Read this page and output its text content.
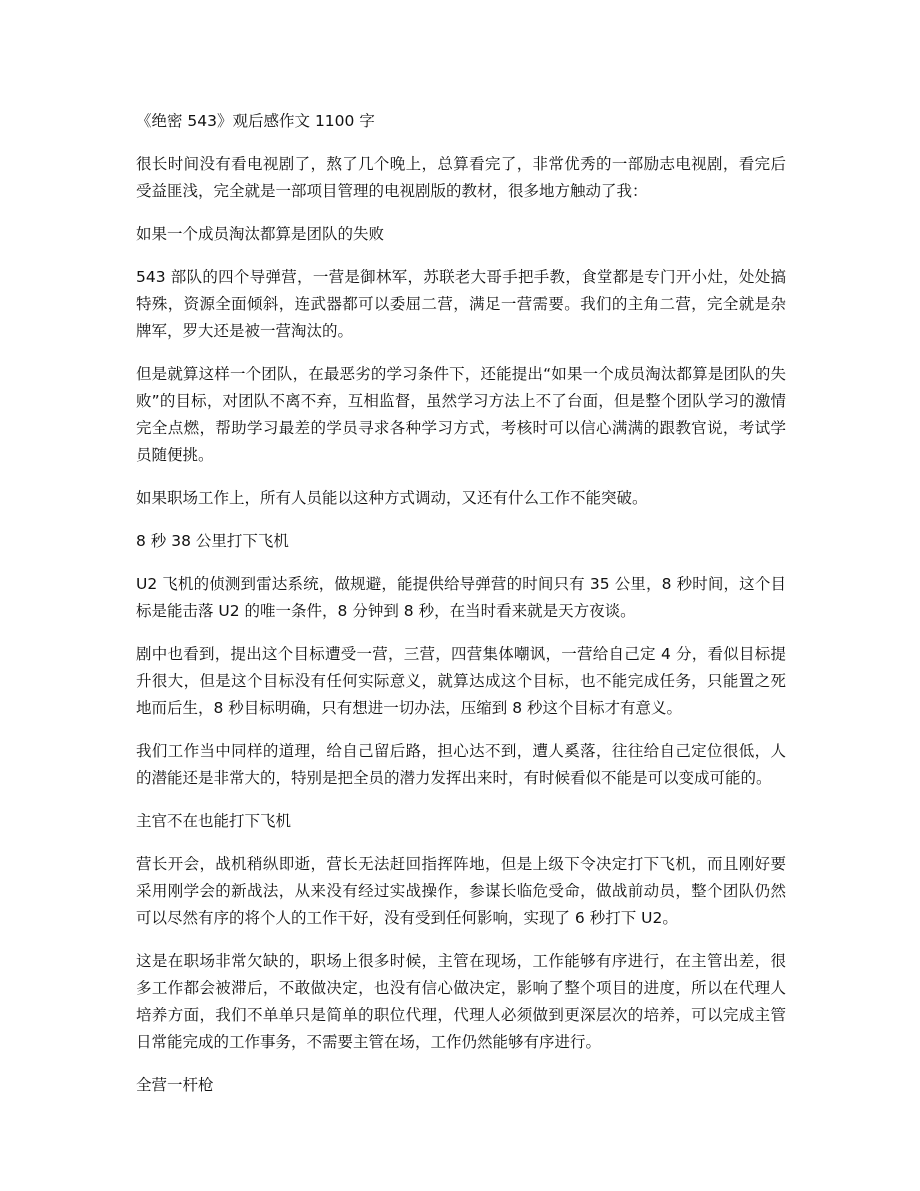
《绝密 543》观后感作文 1100 字
很长时间没有看电视剧了，熬了几个晚上，总算看完了，非常优秀的一部励志电视剧，看完后受益匪浅，完全就是一部项目管理的电视剧版的教材，很多地方触动了我：
如果一个成员淘汰都算是团队的失败
543 部队的四个导弹营，一营是御林军，苏联老大哥手把手教，食堂都是专门开小灶，处处搞特殊，资源全面倾斜，连武器都可以委屈二营，满足一营需要。我们的主角二营，完全就是杂牌军，罗大还是被一营淘汰的。
但是就算这样一个团队，在最恶劣的学习条件下，还能提出“如果一个成员淘汰都算是团队的失败”的目标，对团队不离不弃，互相监督，虽然学习方法上不了台面，但是整个团队学习的激情完全点燃，帮助学习最差的学员寻求各种学习方式，考核时可以信心满满的跟教官说，考试学员随便挑。
如果职场工作上，所有人员能以这种方式调动，又还有什么工作不能突破。
8 秒 38 公里打下飞机
U2 飞机的侦测到雷达系统，做规避，能提供给导弹营的时间只有 35 公里，8 秒时间，这个目标是能击落 U2 的唯一条件，8 分钟到 8 秒，在当时看来就是天方夜谈。
剧中也看到，提出这个目标遭受一营，三营，四营集体嘲讽，一营给自己定 4 分，看似目标提升很大，但是这个目标没有任何实际意义，就算达成这个目标，也不能完成任务，只能置之死地而后生，8 秒目标明确，只有想进一切办法，压缩到 8 秒这个目标才有意义。
我们工作当中同样的道理，给自己留后路，担心达不到，遭人奚落，往往给自己定位很低，人的潜能还是非常大的，特别是把全员的潜力发挥出来时，有时候看似不能是可以变成可能的。
主官不在也能打下飞机
营长开会，战机稍纵即逝，营长无法赶回指挥阵地，但是上级下令决定打下飞机，而且刚好要采用刚学会的新战法，从来没有经过实战操作，参谋长临危受命，做战前动员，整个团队仍然可以尽然有序的将个人的工作干好，没有受到任何影响，实现了 6 秒打下 U2。
这是在职场非常欠缺的，职场上很多时候，主管在现场，工作能够有序进行，在主管出差，很多工作都会被滞后，不敢做决定，也没有信心做决定，影响了整个项目的进度，所以在代理人培养方面，我们不单单只是简单的职位代理，代理人必须做到更深层次的培养，可以完成主管日常能完成的工作事务，不需要主管在场，工作仍然能够有序进行。
全营一杆枪
